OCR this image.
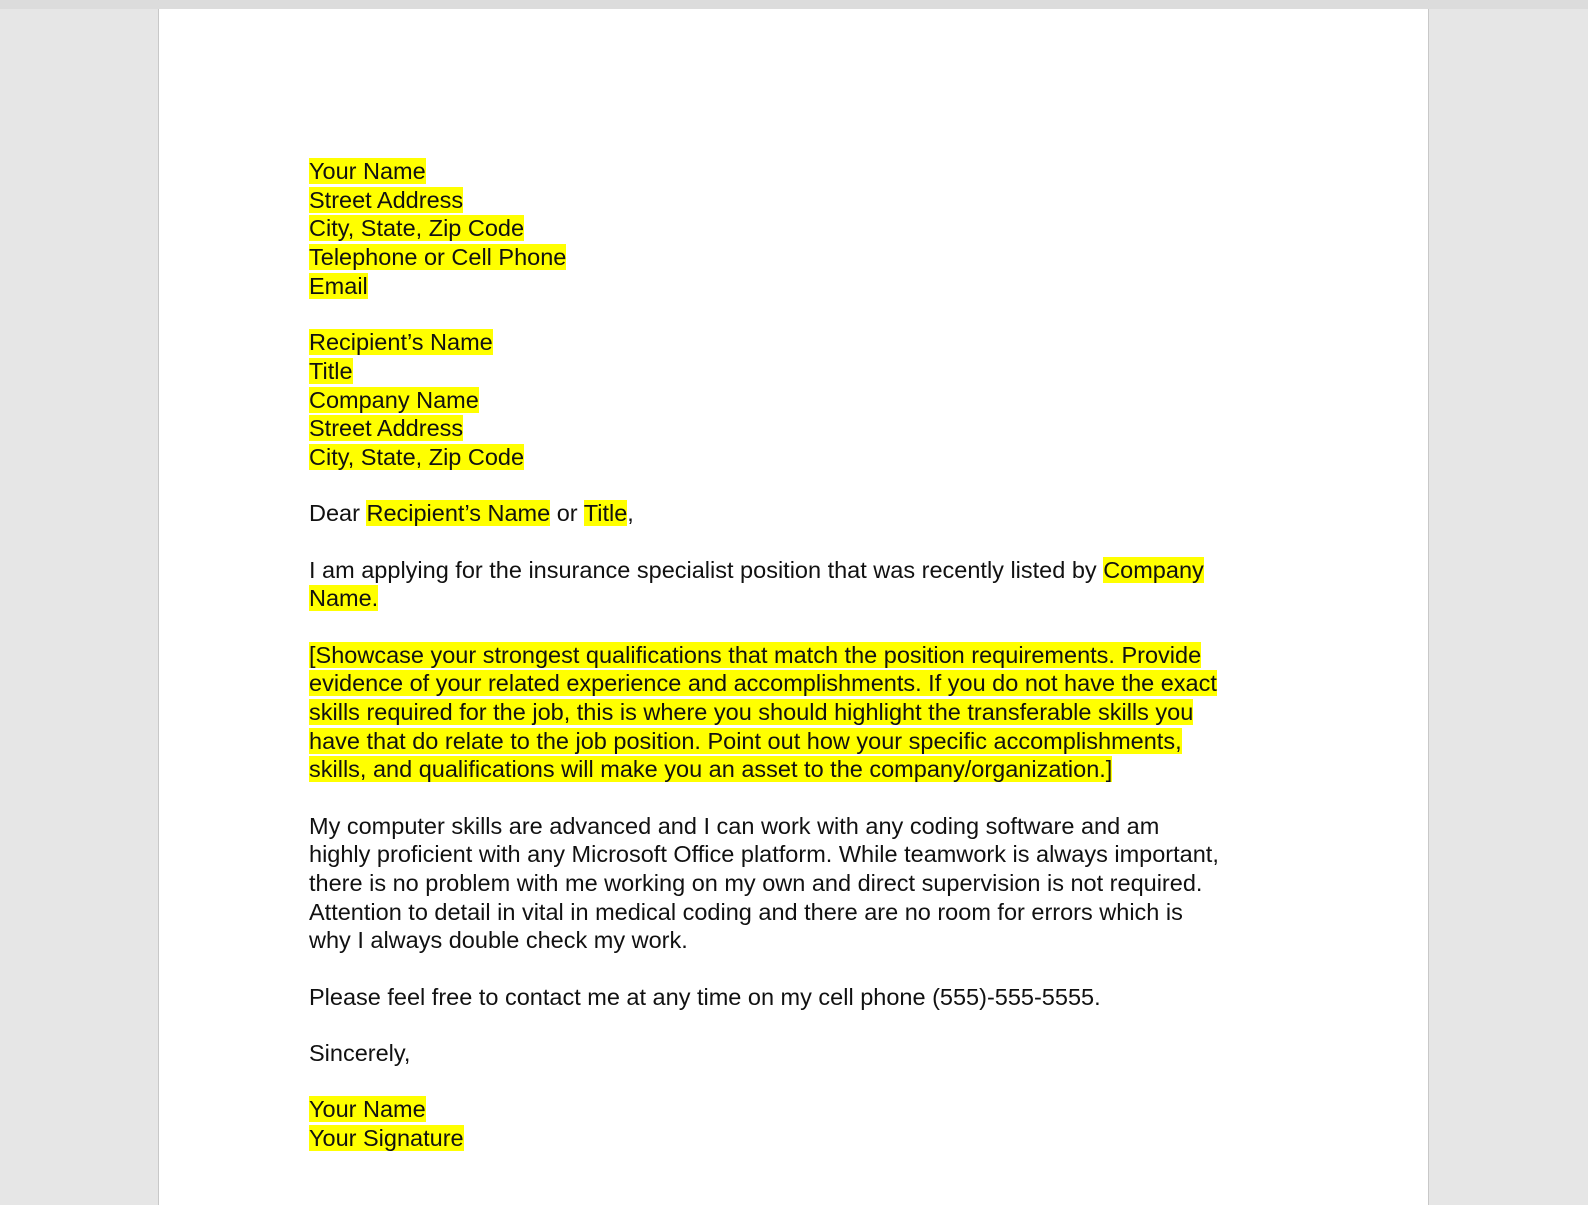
Your Name
Street Address
City, State, Zip Code
Telephone or Cell Phone
Email
Recipient’s Name
Title
Company Name
Street Address
City, State, Zip Code
Dear Recipient’s Name or Title,
I am applying for the insurance specialist position that was recently listed by Company
Name.
[Showcase your strongest qualifications that match the position requirements. Provide
evidence of your related experience and accomplishments. If you do not have the exact
skills required for the job, this is where you should highlight the transferable skills you
have that do relate to the job position. Point out how your specific accomplishments,
skills, and qualifications will make you an asset to the company/organization.]
My computer skills are advanced and I can work with any coding software and am
highly proficient with any Microsoft Office platform. While teamwork is always important,
there is no problem with me working on my own and direct supervision is not required.
Attention to detail in vital in medical coding and there are no room for errors which is
why I always double check my work.
Please feel free to contact me at any time on my cell phone (555)-555-5555.
Sincerely,
Your Name
Your Signature
